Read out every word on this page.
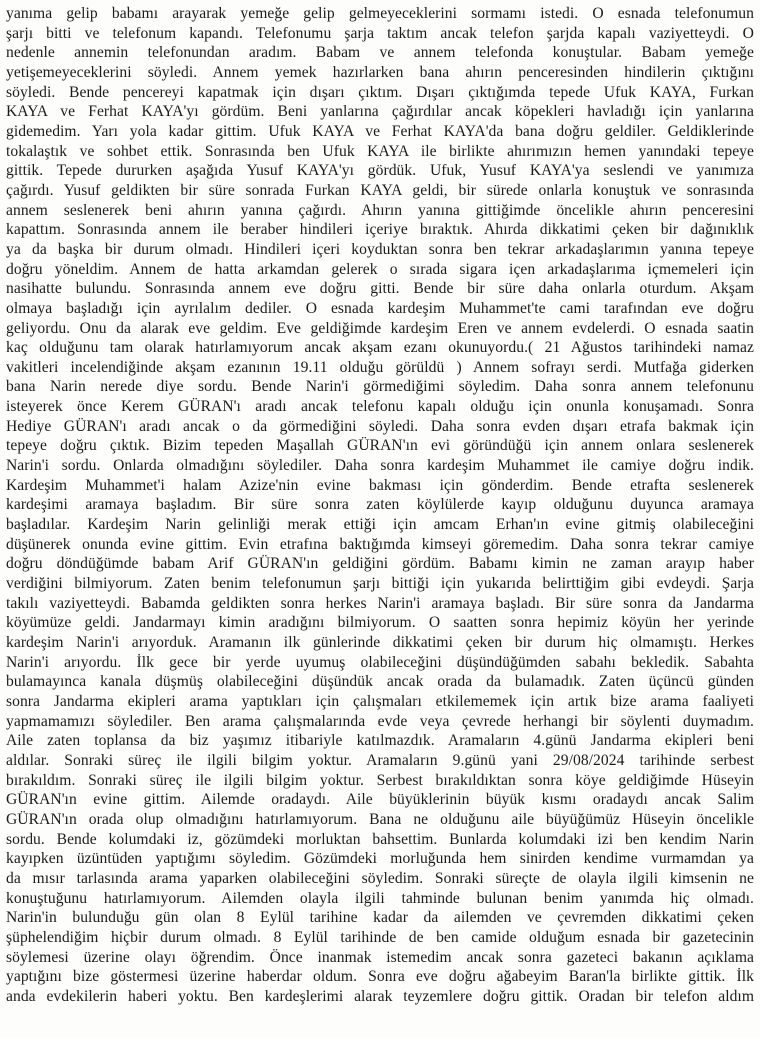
yanıma gelip babamı arayarak yemeğe gelip gelmeyeceklerini sormamı istedi. O esnada telefonumun
şarjı bitti ve telefonum kapandı. Telefonumu şarja taktım ancak telefon şarjda kapalı vaziyetteydi. O
nedenle annemin telefonundan aradım. Babam ve annem telefonda konuştular. Babam yemeğe
yetişemeyeceklerini söyledi. Annem yemek hazırlarken bana ahırın penceresinden hindilerin çıktığını
söyledi. Bende pencereyi kapatmak için dışarı çıktım. Dışarı çıktığımda tepede Ufuk KAYA, Furkan
KAYA ve Ferhat KAYA'yı gördüm. Beni yanlarına çağırdılar ancak köpekleri havladığı için yanlarına
gidemedim. Yarı yola kadar gittim. Ufuk KAYA ve Ferhat KAYA'da bana doğru geldiler. Geldiklerinde
tokalaştık ve sohbet ettik. Sonrasında ben Ufuk KAYA ile birlikte ahırımızın hemen yanındaki tepeye
gittik. Tepede dururken aşağıda Yusuf KAYA'yı gördük. Ufuk, Yusuf KAYA'ya seslendi ve yanımıza
çağırdı. Yusuf geldikten bir süre sonrada Furkan KAYA geldi, bir sürede onlarla konuştuk ve sonrasında
annem seslenerek beni ahırın yanına çağırdı. Ahırın yanına gittiğimde öncelikle ahırın penceresini
kapattım. Sonrasında annem ile beraber hindileri içeriye bıraktık. Ahırda dikkatimi çeken bir dağınıklık
ya da başka bir durum olmadı. Hindileri içeri koyduktan sonra ben tekrar arkadaşlarımın yanına tepeye
doğru yöneldim. Annem de hatta arkamdan gelerek o sırada sigara içen arkadaşlarıma içmemeleri için
nasihatte bulundu. Sonrasında annem eve doğru gitti. Bende bir süre daha onlarla oturdum. Akşam
olmaya başladığı için ayrılalım dediler. O esnada kardeşim Muhammet'te cami tarafından eve doğru
geliyordu. Onu da alarak eve geldim. Eve geldiğimde kardeşim Eren ve annem evdelerdi. O esnada saatin
kaç olduğunu tam olarak hatırlamıyorum ancak akşam ezanı okunuyordu.( 21 Ağustos tarihindeki namaz
vakitleri incelendiğinde akşam ezanının 19.11 olduğu görüldü ) Annem sofrayı serdi. Mutfağa giderken
bana Narin nerede diye sordu. Bende Narin'i görmediğimi söyledim. Daha sonra annem telefonunu
isteyerek önce Kerem GÜRAN'ı aradı ancak telefonu kapalı olduğu için onunla konuşamadı. Sonra
Hediye GÜRAN'ı aradı ancak o da görmediğini söyledi. Daha sonra evden dışarı etrafa bakmak için
tepeye doğru çıktık. Bizim tepeden Maşallah GÜRAN'ın evi göründüğü için annem onlara seslenerek
Narin'i sordu. Onlarda olmadığını söylediler. Daha sonra kardeşim Muhammet ile camiye doğru indik.
Kardeşim Muhammet'i halam Azize'nin evine bakması için gönderdim. Bende etrafta seslenerek
kardeşimi aramaya başladım. Bir süre sonra zaten köylülerde kayıp olduğunu duyunca aramaya
başladılar. Kardeşim Narin gelinliği merak ettiği için amcam Erhan'ın evine gitmiş olabileceğini
düşünerek onunda evine gittim. Evin etrafına baktığımda kimseyi göremedim. Daha sonra tekrar camiye
doğru döndüğümde babam Arif GÜRAN'ın geldiğini gördüm. Babamı kimin ne zaman arayıp haber
verdiğini bilmiyorum. Zaten benim telefonumun şarjı bittiği için yukarıda belirttiğim gibi evdeydi. Şarja
takılı vaziyetteydi. Babamda geldikten sonra herkes Narin'i aramaya başladı. Bir süre sonra da Jandarma
köyümüze geldi. Jandarmayı kimin aradığını bilmiyorum. O saatten sonra hepimiz köyün her yerinde
kardeşim Narin'i arıyorduk. Aramanın ilk günlerinde dikkatimi çeken bir durum hiç olmamıştı. Herkes
Narin'i arıyordu. İlk gece bir yerde uyumuş olabileceğini düşündüğümden sabahı bekledik. Sabahta
bulamayınca kanala düşmüş olabileceğini düşündük ancak orada da bulamadık. Zaten üçüncü günden
sonra Jandarma ekipleri arama yaptıkları için çalışmaları etkilememek için artık bize arama faaliyeti
yapmamamızı söylediler. Ben arama çalışmalarında evde veya çevrede herhangi bir söylenti duymadım.
Aile zaten toplansa da biz yaşımız itibariyle katılmazdık. Aramaların 4.günü Jandarma ekipleri beni
aldılar. Sonraki süreç ile ilgili bilgim yoktur. Aramaların 9.günü yani 29/08/2024 tarihinde serbest
bırakıldım. Sonraki süreç ile ilgili bilgim yoktur. Serbest bırakıldıktan sonra köye geldiğimde Hüseyin
GÜRAN'ın evine gittim. Ailemde oradaydı. Aile büyüklerinin büyük kısmı oradaydı ancak Salim
GÜRAN'ın orada olup olmadığını hatırlamıyorum. Bana ne olduğunu aile büyüğümüz Hüseyin öncelikle
sordu. Bende kolumdaki iz, gözümdeki morluktan bahsettim. Bunlarda kolumdaki izi ben kendim Narin
kayıpken üzüntüden yaptığımı söyledim. Gözümdeki morluğunda hem sinirden kendime vurmamdan ya
da mısır tarlasında arama yaparken olabileceğini söyledim. Sonraki süreçte de olayla ilgili kimsenin ne
konuştuğunu hatırlamıyorum. Ailemden olayla ilgili tahminde bulunan benim yanımda hiç olmadı.
Narin'in bulunduğu gün olan 8 Eylül tarihine kadar da ailemden ve çevremden dikkatimi çeken
şüphelendiğim hiçbir durum olmadı. 8 Eylül tarihinde de ben camide olduğum esnada bir gazetecinin
söylemesi üzerine olayı öğrendim. Önce inanmak istemedim ancak sonra gazeteci bakanın açıklama
yaptığını bize göstermesi üzerine haberdar oldum. Sonra eve doğru ağabeyim Baran'la birlikte gittik. İlk
anda evdekilerin haberi yoktu. Ben kardeşlerimi alarak teyzemlere doğru gittik. Oradan bir telefon aldım
